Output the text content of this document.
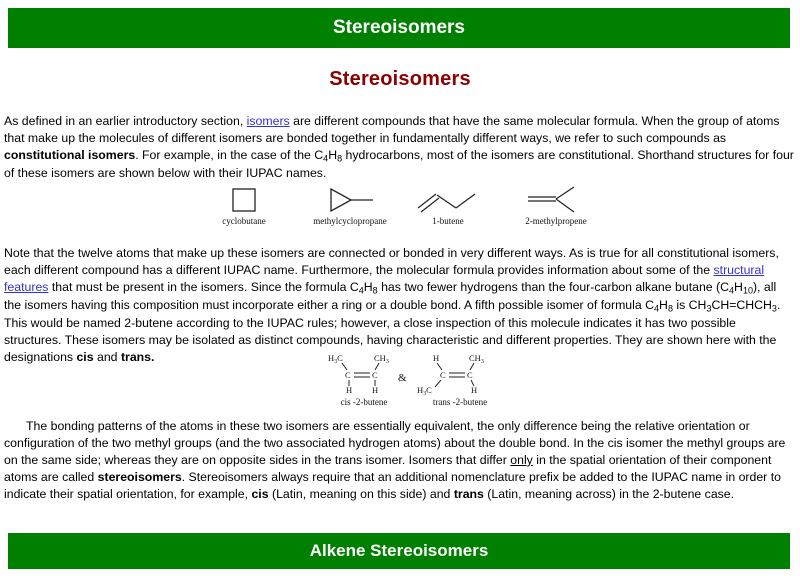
Stereoisomers
Stereoisomers
As defined in an earlier introductory section, isomers are different compounds that have the same molecular formula. When the group of atoms that make up the molecules of different isomers are bonded together in fundamentally different ways, we refer to such compounds as constitutional isomers. For example, in the case of the $C_4H_8$ hydrocarbons, most of the isomers are constitutional. Shorthand structures for four of these isomers are shown below with their IUPAC names.
cyclobutane	methylcyclopropane	1-butene	2-methylpropene
Note that the twelve atoms that make up these isomers are connected or bonded in very different ways. As is true for all constitutional isomers, each different compound has a different IUPAC name. Furthermore, the molecular formula provides information about some of the structural features that must be present in the isomers. Since the formula $C_4H_8$ has two fewer hydrogens than the four-carbon alkane butane $(C_4H_{10})$, all the isomers having this composition must incorporate either a ring or a double bond. A fifth possible isomer of formula $C_4H_8$ is $CH_3CH=CHCH_3$. This would be named 2-butene according to the IUPAC rules; however, a close inspection of this molecule indicates it has two possible structures. These isomers may be isolated as distinct compounds, having characteristic and different properties. They are shown here with the designations cis and trans.	$H_3C$	$CH_3$
C	C
H H
cis -2-butene
&
H	$CH_3$
C	C
$H_3C$	H
trans -2-butene
The bonding patterns of the atoms in these two isomers are essentially equivalent, the only difference being the relative orientation or configuration of the two methyl groups (and the two associated hydrogen atoms) about the double bond. In the cis isomer the methyl groups are on the same side; whereas they are on opposite sides in the trans isomer. Isomers that differ only in the spatial orientation of their component atoms are called stereoisomers. Stereoisomers always require that an additional nomenclature prefix be added to the IUPAC name in order to indicate their spatial orientation, for example, cis (Latin, meaning on this side) and trans (Latin, meaning across) in the 2-butene case.
Alkene Stereoisomers
